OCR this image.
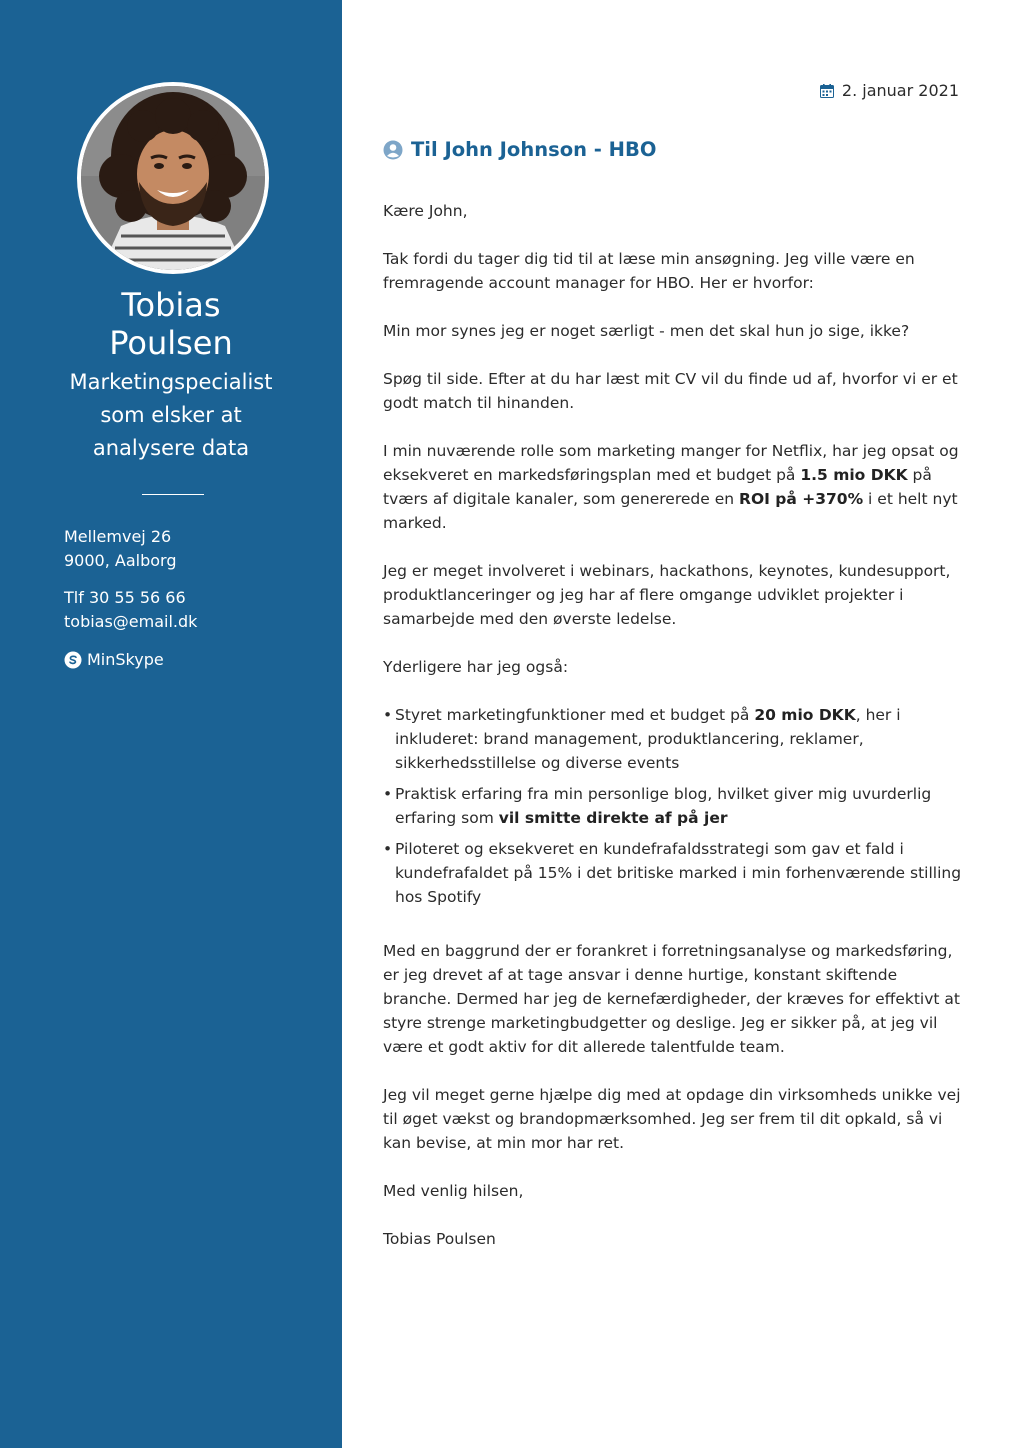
Tobias
Poulsen
Marketingspecialist
som elsker at
analysere data

Mellemvej 26

9000, Aalborg

Tlf 30 55 56 66

tobias@email.dk

MinSkype
2. januar 2021
Til John Johnson - HBO

Kære John,

Tak fordi du tager dig tid til at læse min ansøgning. Jeg ville være en fremragende account manager for HBO. Her er hvorfor:

Min mor synes jeg er noget særligt - men det skal hun jo sige, ikke?

Spøg til side. Efter at du har læst mit CV vil du finde ud af, hvorfor vi er et godt match til hinanden.

I min nuværende rolle som marketing manger for Netflix, har jeg opsat og eksekveret en markedsføringsplan med et budget på 1.5 mio DKK på tværs af digitale kanaler, som genererede en ROI på +370% i et helt nyt marked.

Jeg er meget involveret i webinars, hackathons, keynotes, kundesupport, produktlanceringer og jeg har af flere omgange udviklet projekter i samarbejde med den øverste ledelse.

Yderligere har jeg også:

• Styret marketingfunktioner med et budget på 20 mio DKK, her i inkluderet: brand management, produktlancering, reklamer, sikkerhedsstillelse og diverse events
• Praktisk erfaring fra min personlige blog, hvilket giver mig uvurderlig erfaring som vil smitte direkte af på jer
• Piloteret og eksekveret en kundefrafaldsstrategi som gav et fald i kundefrafaldet på 15% i det britiske marked i min forhenværende stilling hos Spotify

Med en baggrund der er forankret i forretningsanalyse og markedsføring, er jeg drevet af at tage ansvar i denne hurtige, konstant skiftende branche. Dermed har jeg de kernefærdigheder, der kræves for effektivt at styre strenge marketingbudgetter og deslige. Jeg er sikker på, at jeg vil være et godt aktiv for dit allerede talentfulde team.

Jeg vil meget gerne hjælpe dig med at opdage din virksomheds unikke vej til øget vækst og brandopmærksomhed. Jeg ser frem til dit opkald, så vi kan bevise, at min mor har ret.

Med venlig hilsen,

Tobias Poulsen
